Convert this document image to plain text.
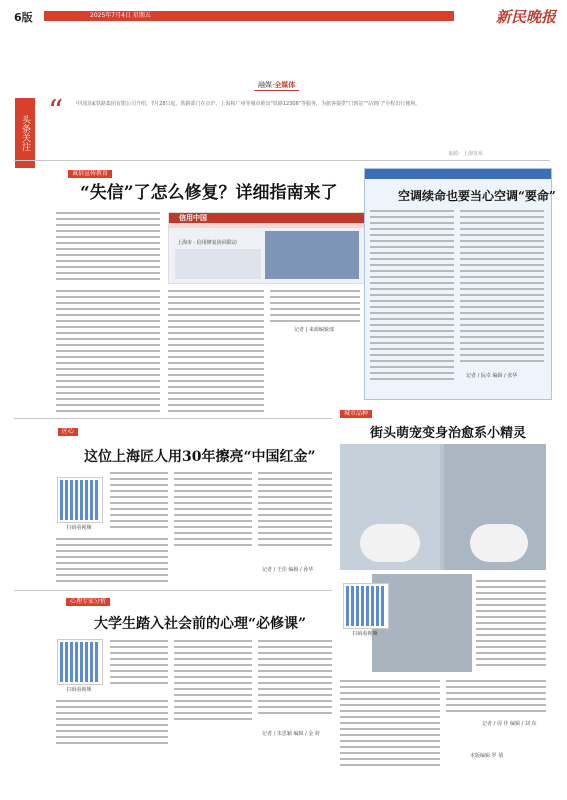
6版	2025年7月4日 星期五	新民晚报
融媒·全媒体
头条关注
“	中国国家铁路集团有限公司介绍，7月28日起，铁路部门在京沪、上海和广州等城市推出"铁路12306"等服务，为旅客提供"门到站""站到门"全程出行便利。
来源：上海发布
诚信宣传教育
“失信”了怎么修复？详细指南来了
信用中国
上海市 · 信用修复协同联动
记者 | 来源编辑部
空调续命也要当心空调“要命”
记者 / 阮卓 编辑 / 张华
匠心
这位上海匠人用30年擦亮“中国红金”
扫码看视频
记者 / 王佳 编辑 / 孙华
城市品种
街头萌宠变身治愈系小精灵
扫码看视频
记者 / 周 佳 编辑 / 刘 东
本版编辑 罗 倩
心理专家分析
大学生踏入社会前的心理“必修课”
扫码看视频
记者 / 朱思颖 编辑 / 金 荷
